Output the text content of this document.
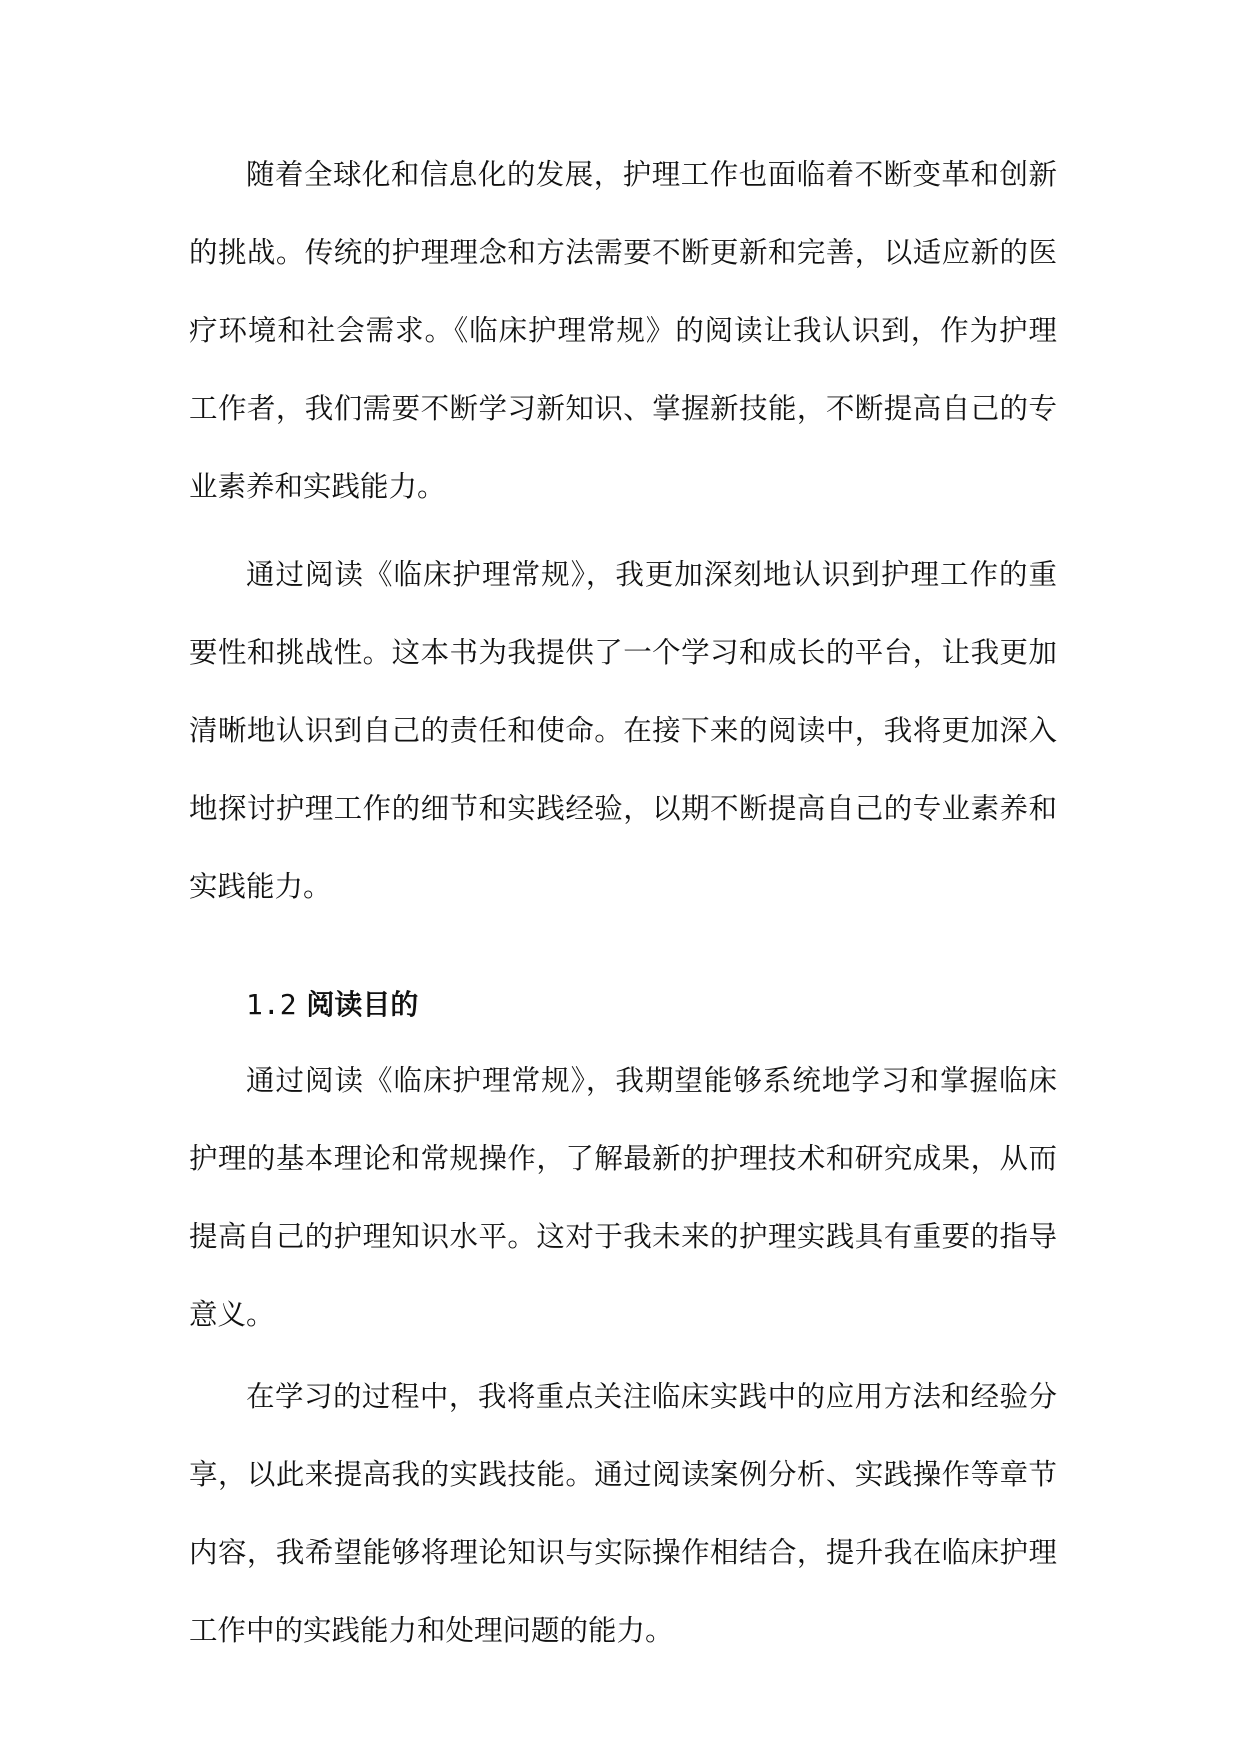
随着全球化和信息化的发展，护理工作也面临着不断变革和创新的挑战。传统的护理理念和方法需要不断更新和完善，以适应新的医疗环境和社会需求。《临床护理常规》的阅读让我认识到，作为护理工作者，我们需要不断学习新知识、掌握新技能，不断提高自己的专业素养和实践能力。

通过阅读《临床护理常规》，我更加深刻地认识到护理工作的重要性和挑战性。这本书为我提供了一个学习和成长的平台，让我更加清晰地认识到自己的责任和使命。在接下来的阅读中，我将更加深入地探讨护理工作的细节和实践经验，以期不断提高自己的专业素养和实践能力。

1.2 阅读目的

通过阅读《临床护理常规》，我期望能够系统地学习和掌握临床护理的基本理论和常规操作，了解最新的护理技术和研究成果，从而提高自己的护理知识水平。这对于我未来的护理实践具有重要的指导意义。

在学习的过程中，我将重点关注临床实践中的应用方法和经验分享，以此来提高我的实践技能。通过阅读案例分析、实践操作等章节内容，我希望能够将理论知识与实际操作相结合，提升我在临床护理工作中的实践能力和处理问题的能力。
